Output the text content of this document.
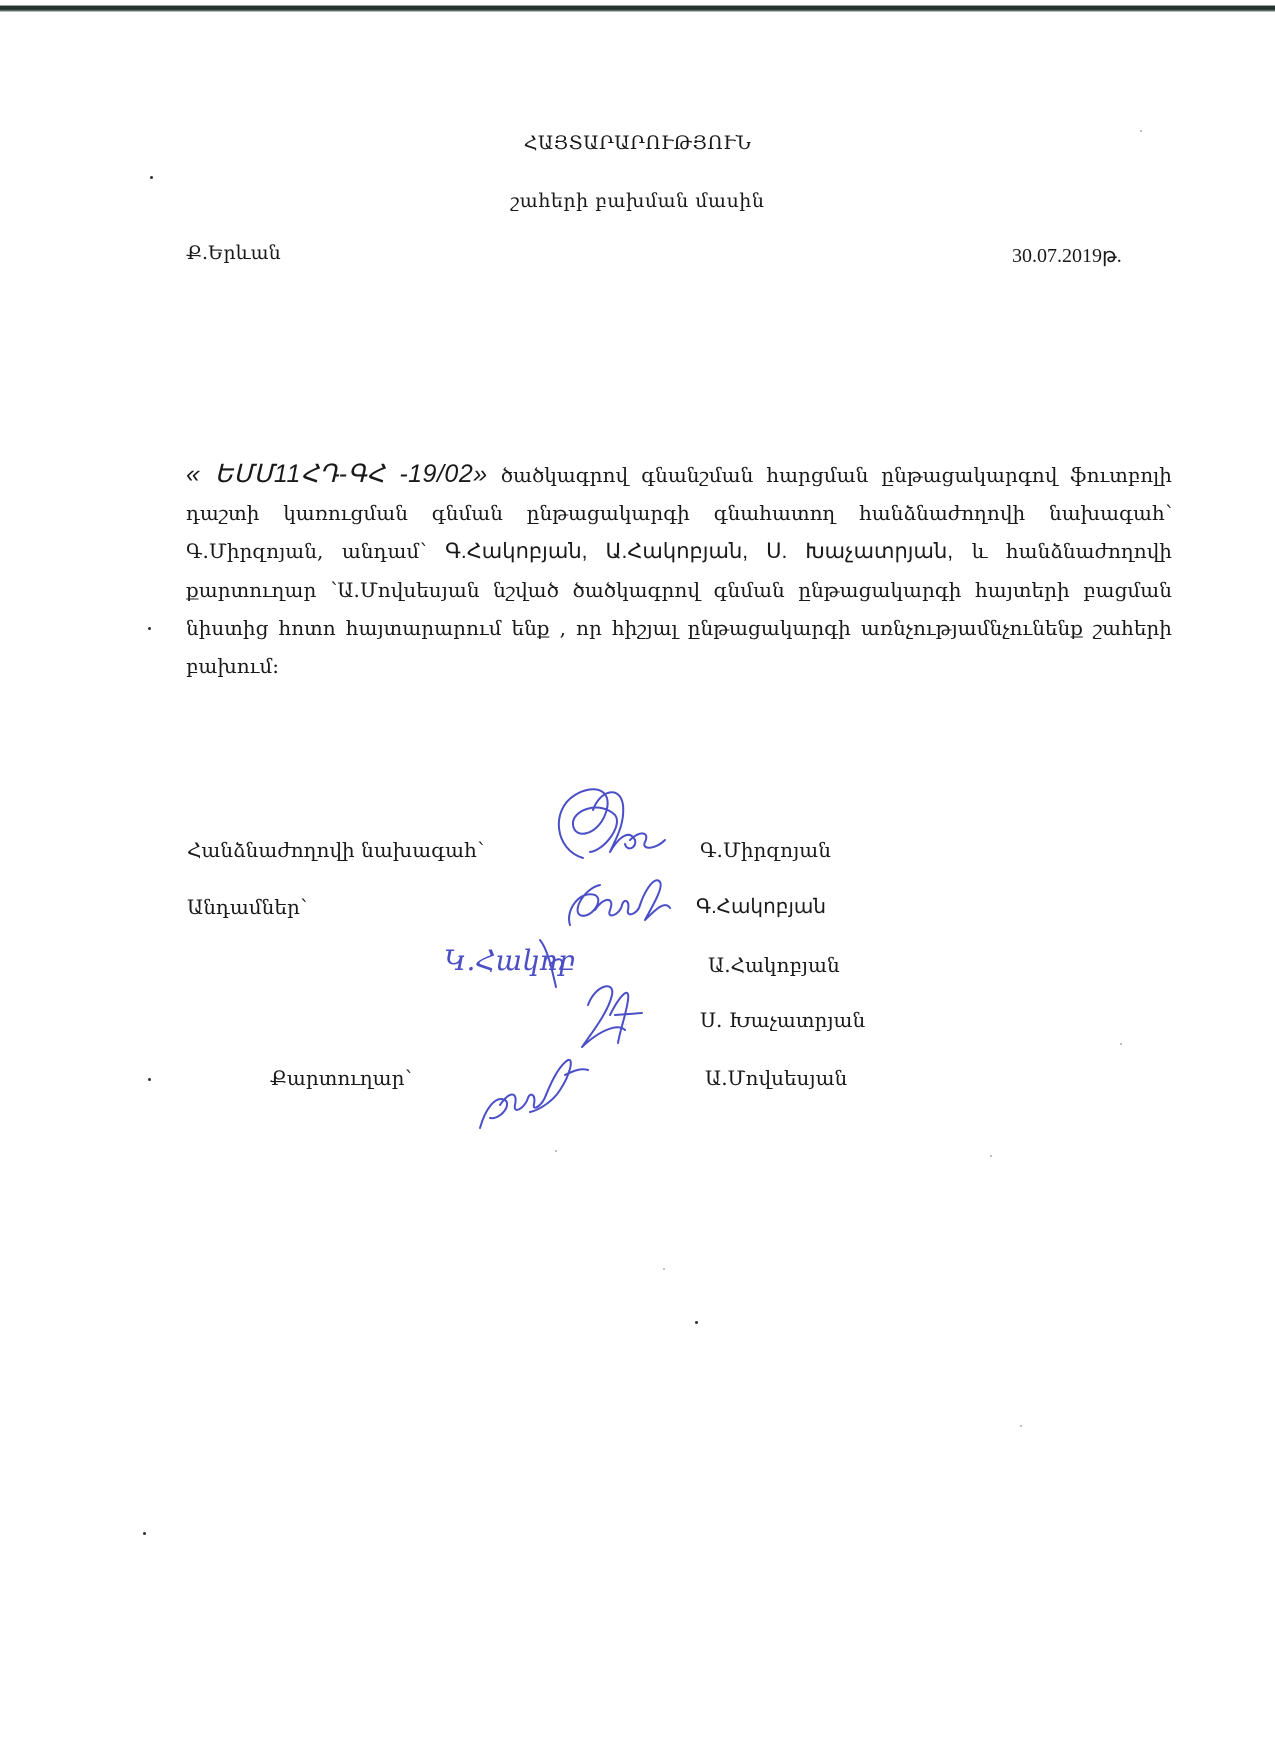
ՀԱՅՏԱՐԱՐՈՒԹՅՈՒՆ
շահերի բախման մասին
Ք.Երևան	30.07.2019թ.
« ԵՄՄ11ՀԴ-ԳՀ -19/02» ծածկագրով գնանշման հարցման ընթացակարգով ֆուտբոլի դաշտի կառուցման գնման ընթացակարգի գնահատող հանձնաժողովի նախագահ՝ Գ.Միրզոյան, անդամ՝ Գ.Հակոբյան, Ա.Հակոբյան, Ս. Խաչատրյան, և հանձնաժողովի քարտուղար ՝Ա.Մովսեսյան նշված ծածկագրով գնման ընթացակարգի հայտերի բացման նիստից հոտո հայտարարում ենք , որ հիշյալ ընթացակարգի առնչությամնչունենք շահերի բախում:
Հանձնաժողովի նախագահ՝	Գ.Միրզոյան
Անդամներ՝	Գ.Հակոբյան
Ա.Հակոբյան
Ս. Խաչատրյան
Քարտուղար՝	Ա.Մովսեսյան
Կ.Հակոբ
